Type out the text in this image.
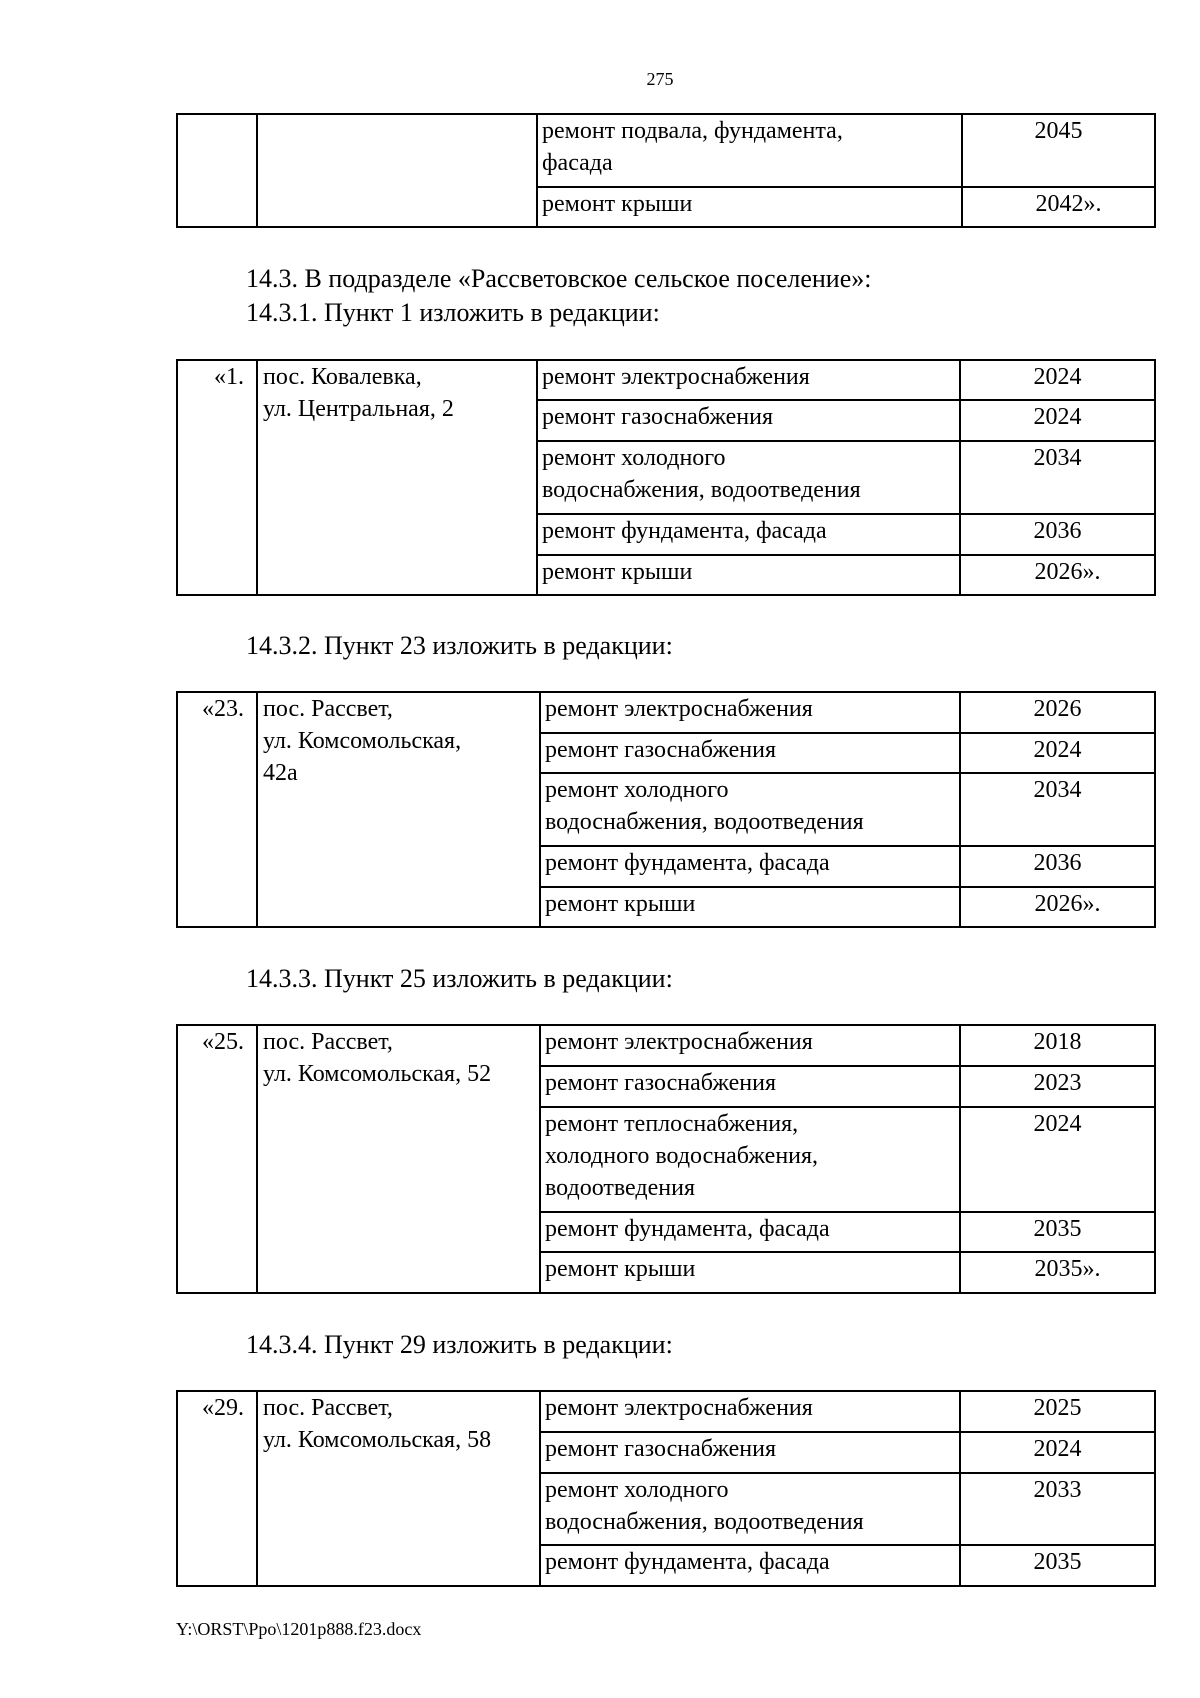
275
		ремонт подвала, фундамента,
фасада	2045
		ремонт крыши	2042».
14.3. В подразделе «Рассветовское сельское поселение»:
14.3.1. Пункт 1 изложить в редакции:
«1.	пос. Ковалевка,
ул. Центральная, 2	ремонт электроснабжения	2024
		ремонт газоснабжения	2024
		ремонт холодного
водоснабжения, водоотведения	2034
		ремонт фундамента, фасада	2036
		ремонт крыши	2026».
14.3.2. Пункт 23 изложить в редакции:
«23.	пос. Рассвет,
ул. Комсомольская,
42а	ремонт электроснабжения	2026
		ремонт газоснабжения	2024
		ремонт холодного
водоснабжения, водоотведения	2034
		ремонт фундамента, фасада	2036
		ремонт крыши	2026».
14.3.3. Пункт 25 изложить в редакции:
«25.	пос. Рассвет,
ул. Комсомольская, 52	ремонт электроснабжения	2018
		ремонт газоснабжения	2023
		ремонт теплоснабжения,
холодного водоснабжения,
водоотведения	2024
		ремонт фундамента, фасада	2035
		ремонт крыши	2035».
14.3.4. Пункт 29 изложить в редакции:
«29.	пос. Рассвет,
ул. Комсомольская, 58	ремонт электроснабжения	2025
		ремонт газоснабжения	2024
		ремонт холодного
водоснабжения, водоотведения	2033
		ремонт фундамента, фасада	2035
Y:\ORST\Ppo\1201p888.f23.docx
